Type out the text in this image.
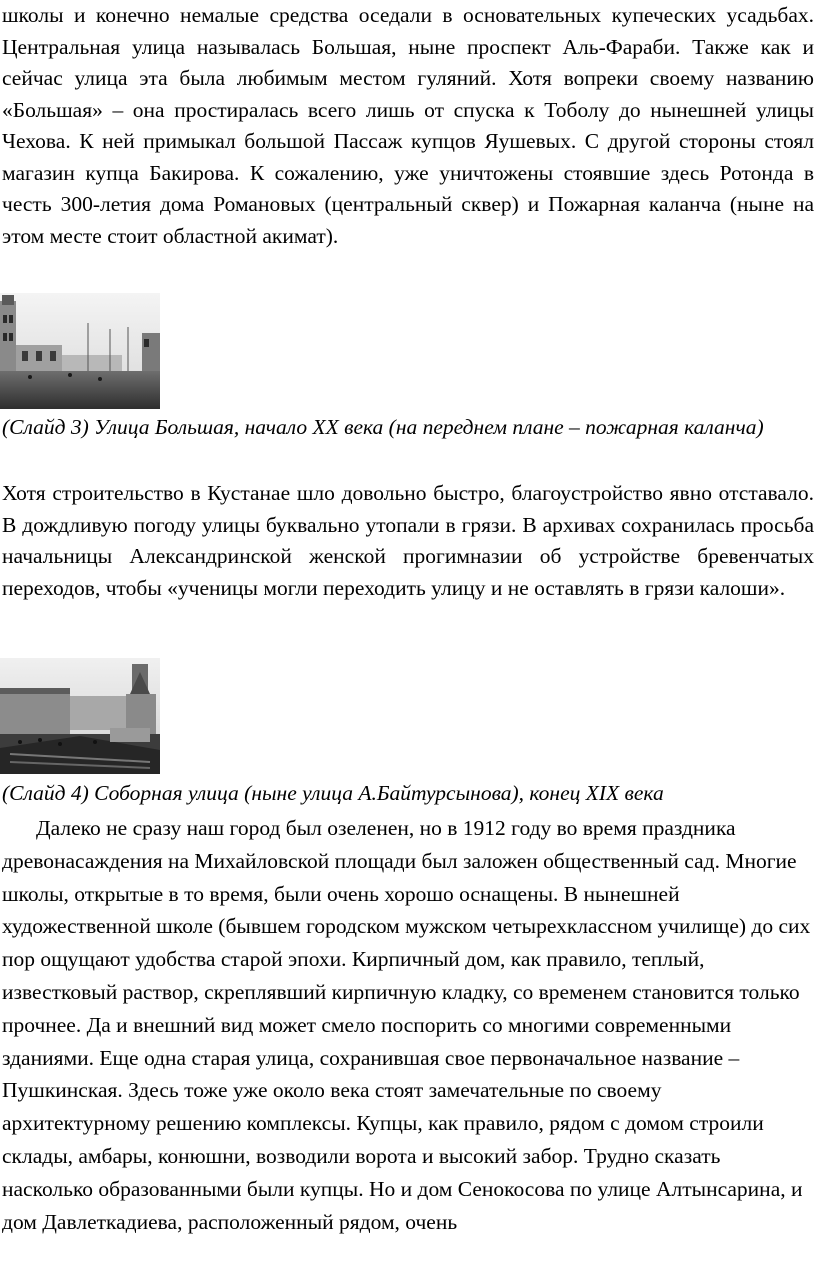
школы и конечно немалые средства оседали в основательных купеческих усадьбах. Центральная улица называлась Большая, ныне проспект Аль-Фараби. Также как и сейчас улица эта была любимым местом гуляний. Хотя вопреки своему названию «Большая» – она простиралась всего лишь от спуска к Тоболу до нынешней улицы Чехова. К ней примыкал большой Пассаж купцов Яушевых. С другой стороны стоял магазин купца Бакирова. К сожалению, уже уничтожены стоявшие здесь Ротонда в честь 300-летия дома Романовых (центральный сквер) и Пожарная каланча (ныне на этом месте стоит областной акимат).

(Слайд 3) Улица Большая, начало XX века (на переднем плане – пожарная каланча)

Хотя строительство в Кустанае шло довольно быстро, благоустройство явно отставало. В дождливую погоду улицы буквально утопали в грязи. В архивах сохранилась просьба начальницы Александринской женской прогимназии об устройстве бревенчатых переходов, чтобы «ученицы могли переходить улицу и не оставлять в грязи калоши».

(Слайд 4) Соборная улица (ныне улица А.Байтурсынова), конец XIX века

Далеко не сразу наш город был озеленен, но в 1912 году во время праздника древонасаждения на Михайловской площади был заложен общественный сад. Многие школы, открытые в то время, были очень хорошо оснащены. В нынешней художественной школе (бывшем городском мужском четырехклассном училище) до сих пор ощущают удобства старой эпохи. Кирпичный дом, как правило, теплый, известковый раствор, скреплявший кирпичную кладку, со временем становится только прочнее. Да и внешний вид может смело поспорить со многими современными зданиями. Еще одна старая улица, сохранившая свое первоначальное название – Пушкинская. Здесь тоже уже около века стоят замечательные по своему архитектурному решению комплексы. Купцы, как правило, рядом с домом строили склады, амбары, конюшни, возводили ворота и высокий забор. Трудно сказать насколько образованными были купцы. Но и дом Сенокосова по улице Алтынсарина, и дом Давлеткадиева, расположенный рядом, очень
